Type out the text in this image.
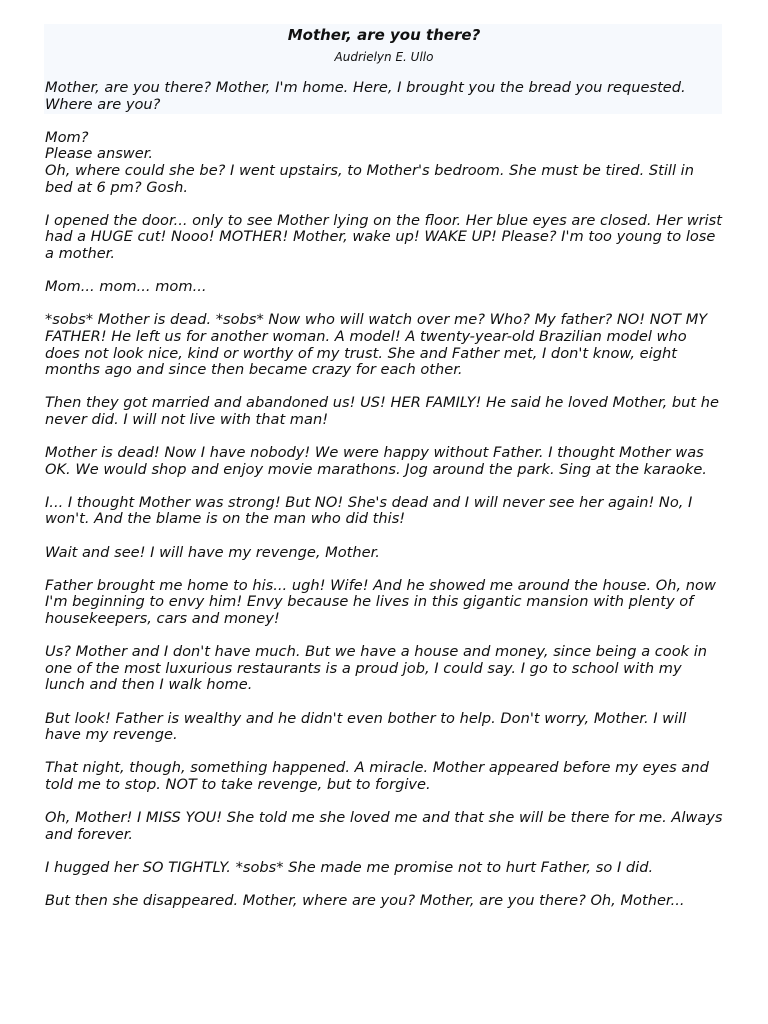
Mother, are you there?
Audrielyn E. Ullo

Mother, are you there? Mother, I'm home. Here, I brought you the bread you requested. Where are you?

Mom?
Please answer.
Oh, where could she be? I went upstairs, to Mother's bedroom. She must be tired. Still in bed at 6 pm? Gosh.

I opened the door... only to see Mother lying on the floor. Her blue eyes are closed. Her wrist had a HUGE cut! Nooo! MOTHER! Mother, wake up! WAKE UP! Please? I'm too young to lose a mother.

Mom... mom... mom...

*sobs* Mother is dead. *sobs* Now who will watch over me? Who? My father? NO! NOT MY FATHER! He left us for another woman. A model! A twenty-year-old Brazilian model who does not look nice, kind or worthy of my trust. She and Father met, I don't know, eight months ago and since then became crazy for each other.

Then they got married and abandoned us! US! HER FAMILY! He said he loved Mother, but he never did. I will not live with that man!

Mother is dead! Now I have nobody! We were happy without Father. I thought Mother was OK. We would shop and enjoy movie marathons. Jog around the park. Sing at the karaoke.

I... I thought Mother was strong! But NO! She's dead and I will never see her again! No, I won't. And the blame is on the man who did this!

Wait and see! I will have my revenge, Mother.

Father brought me home to his... ugh! Wife! And he showed me around the house. Oh, now I'm beginning to envy him! Envy because he lives in this gigantic mansion with plenty of housekeepers, cars and money!

Us? Mother and I don't have much. But we have a house and money, since being a cook in one of the most luxurious restaurants is a proud job, I could say. I go to school with my lunch and then I walk home.

But look! Father is wealthy and he didn't even bother to help. Don't worry, Mother. I will have my revenge.

That night, though, something happened. A miracle. Mother appeared before my eyes and told me to stop. NOT to take revenge, but to forgive.

Oh, Mother! I MISS YOU! She told me she loved me and that she will be there for me. Always and forever.

I hugged her SO TIGHTLY. *sobs* She made me promise not to hurt Father, so I did.

But then she disappeared. Mother, where are you? Mother, are you there? Oh, Mother...
